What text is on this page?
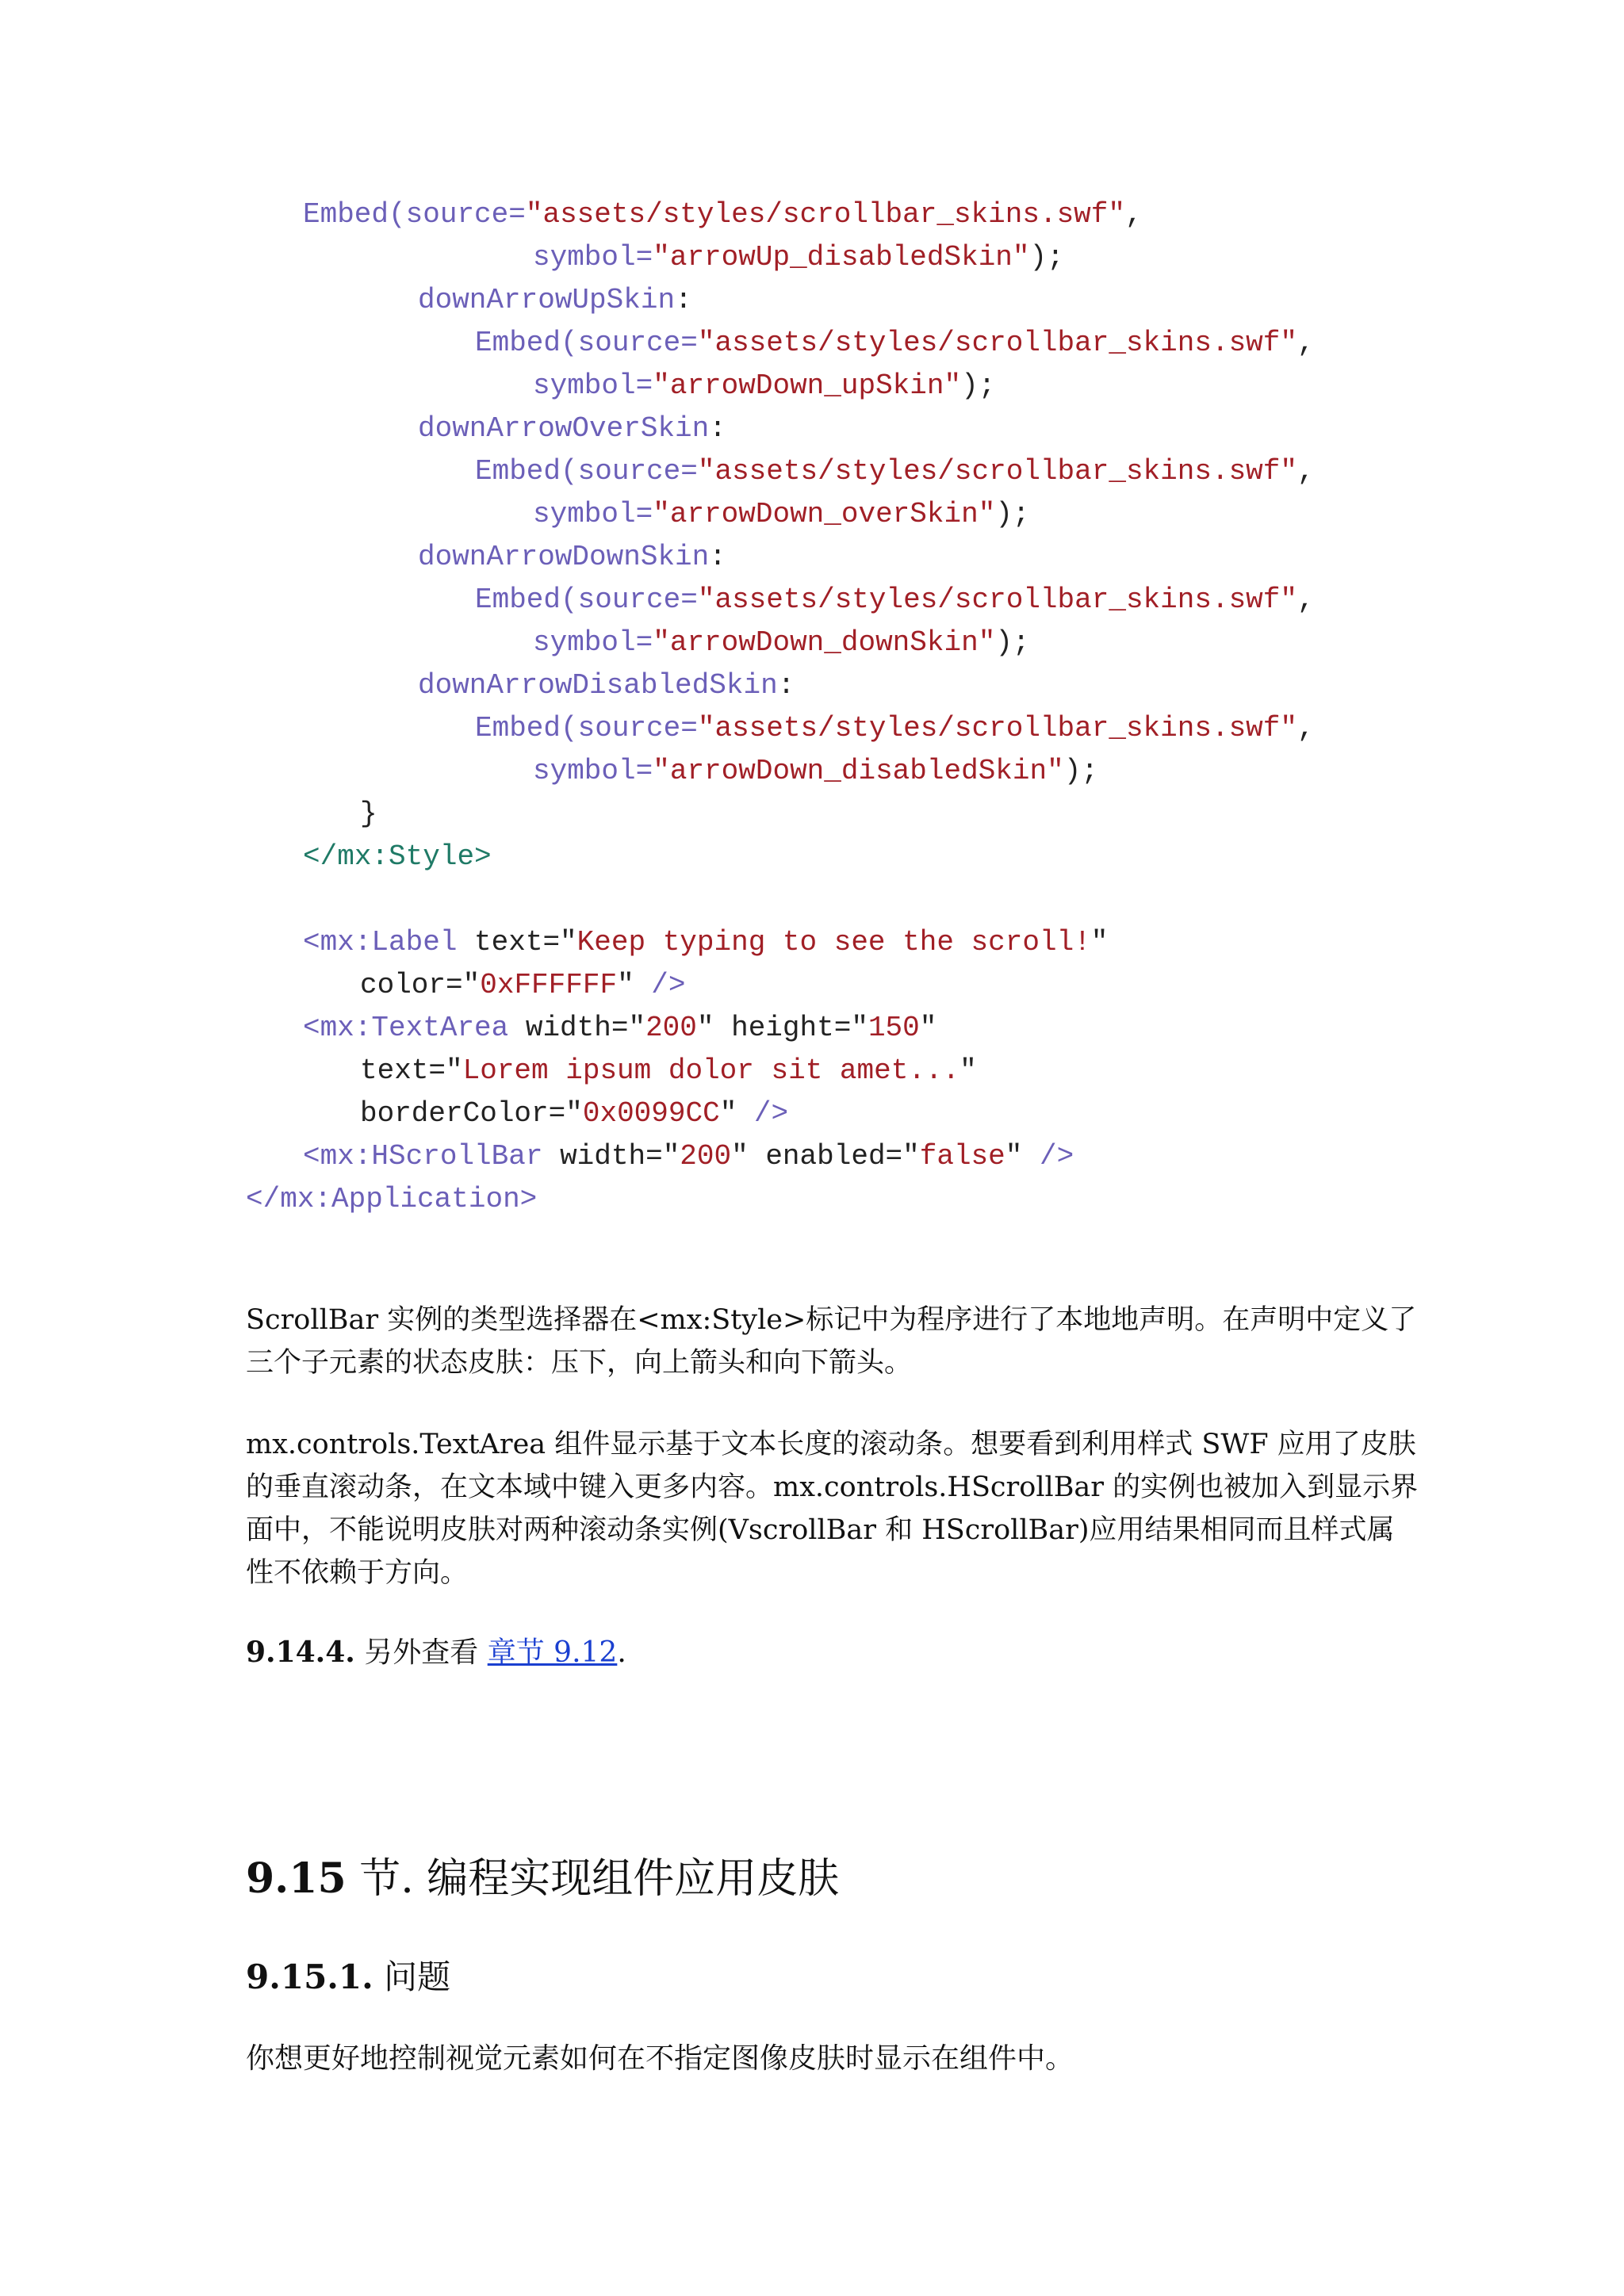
Embed(source="assets/styles/scrollbar_skins.swf",
symbol="arrowUp_disabledSkin");
downArrowUpSkin:
Embed(source="assets/styles/scrollbar_skins.swf",
symbol="arrowDown_upSkin");
downArrowOverSkin:
Embed(source="assets/styles/scrollbar_skins.swf",
symbol="arrowDown_overSkin");
downArrowDownSkin:
Embed(source="assets/styles/scrollbar_skins.swf",
symbol="arrowDown_downSkin");
downArrowDisabledSkin:
Embed(source="assets/styles/scrollbar_skins.swf",
symbol="arrowDown_disabledSkin");
}
</mx:Style>
<mx:Label text="Keep typing to see the scroll!"
color="0xFFFFFF" />
<mx:TextArea width="200" height="150"
text="Lorem ipsum dolor sit amet..."
borderColor="0x0099CC" />
<mx:HScrollBar width="200" enabled="false" />
</mx:Application>
ScrollBar 实例的类型选择器在<mx:Style>标记中为程序进行了本地地声明。在声明中定义了
三个子元素的状态皮肤：压下，向上箭头和向下箭头。
mx.controls.TextArea 组件显示基于文本长度的滚动条。想要看到利用样式 SWF 应用了皮肤
的垂直滚动条，在文本域中键入更多内容。mx.controls.HScrollBar 的实例也被加入到显示界
面中，不能说明皮肤对两种滚动条实例(VscrollBar 和 HScrollBar)应用结果相同而且样式属
性不依赖于方向。
9.14.4. 另外查看 章节 9.12.
9.15 节. 编程实现组件应用皮肤
9.15.1. 问题
你想更好地控制视觉元素如何在不指定图像皮肤时显示在组件中。
